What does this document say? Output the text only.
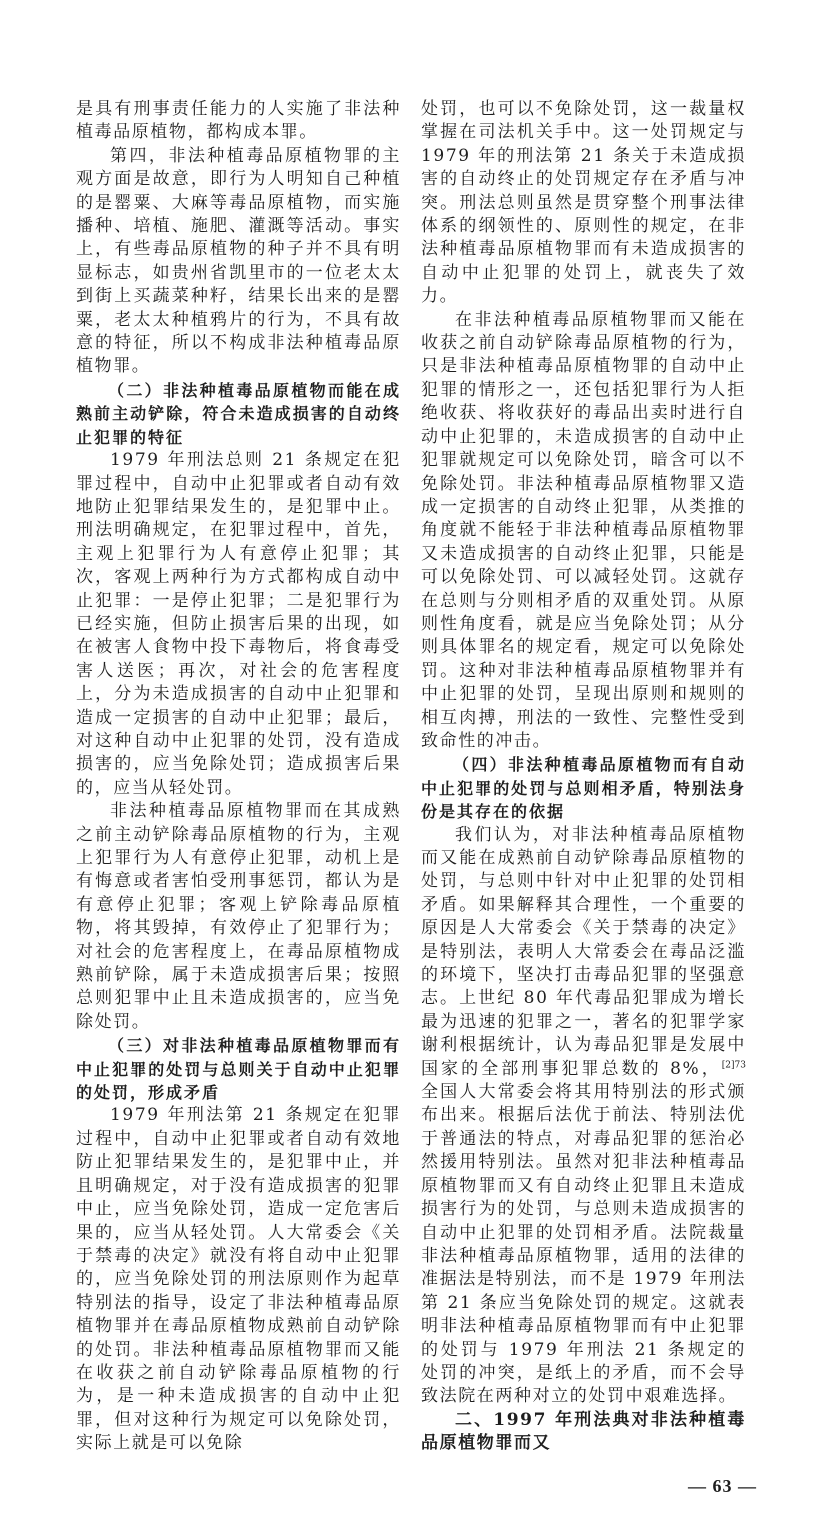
是具有刑事责任能力的人实施了非法种植毒品原植物，都构成本罪。

第四，非法种植毒品原植物罪的主观方面是故意，即行为人明知自己种植的是罂粟、大麻等毒品原植物，而实施播种、培植、施肥、灌溉等活动。事实上，有些毒品原植物的种子并不具有明显标志，如贵州省凯里市的一位老太太到街上买蔬菜种籽，结果长出来的是罂粟，老太太种植鸦片的行为，不具有故意的特征，所以不构成非法种植毒品原植物罪。

（二）非法种植毒品原植物而能在成熟前主动铲除，符合未造成损害的自动终止犯罪的特征

1979 年刑法总则 21 条规定在犯罪过程中，自动中止犯罪或者自动有效地防止犯罪结果发生的，是犯罪中止。刑法明确规定，在犯罪过程中，首先，主观上犯罪行为人有意停止犯罪；其次，客观上两种行为方式都构成自动中止犯罪：一是停止犯罪；二是犯罪行为已经实施，但防止损害后果的出现，如在被害人食物中投下毒物后，将食毒受害人送医；再次，对社会的危害程度上，分为未造成损害的自动中止犯罪和造成一定损害的自动中止犯罪；最后，对这种自动中止犯罪的处罚，没有造成损害的，应当免除处罚；造成损害后果的，应当从轻处罚。

非法种植毒品原植物罪而在其成熟之前主动铲除毒品原植物的行为，主观上犯罪行为人有意停止犯罪，动机上是有悔意或者害怕受刑事惩罚，都认为是有意停止犯罪；客观上铲除毒品原植物，将其毁掉，有效停止了犯罪行为；对社会的危害程度上，在毒品原植物成熟前铲除，属于未造成损害后果；按照总则犯罪中止且未造成损害的，应当免除处罚。

（三）对非法种植毒品原植物罪而有中止犯罪的处罚与总则关于自动中止犯罪的处罚，形成矛盾

1979 年刑法第 21 条规定在犯罪过程中，自动中止犯罪或者自动有效地防止犯罪结果发生的，是犯罪中止，并且明确规定，对于没有造成损害的犯罪中止，应当免除处罚，造成一定危害后果的，应当从轻处罚。人大常委会《关于禁毒的决定》就没有将自动中止犯罪的，应当免除处罚的刑法原则作为起草特别法的指导，设定了非法种植毒品原植物罪并在毒品原植物成熟前自动铲除的处罚。非法种植毒品原植物罪而又能在收获之前自动铲除毒品原植物的行为，是一种未造成损害的自动中止犯罪，但对这种行为规定可以免除处罚，实际上就是可以免除

处罚，也可以不免除处罚，这一裁量权掌握在司法机关手中。这一处罚规定与 1979 年的刑法第 21 条关于未造成损害的自动终止的处罚规定存在矛盾与冲突。刑法总则虽然是贯穿整个刑事法律体系的纲领性的、原则性的规定，在非法种植毒品原植物罪而有未造成损害的自动中止犯罪的处罚上，就丧失了效力。

在非法种植毒品原植物罪而又能在收获之前自动铲除毒品原植物的行为，只是非法种植毒品原植物罪的自动中止犯罪的情形之一，还包括犯罪行为人拒绝收获、将收获好的毒品出卖时进行自动中止犯罪的，未造成损害的自动中止犯罪就规定可以免除处罚，暗含可以不免除处罚。非法种植毒品原植物罪又造成一定损害的自动终止犯罪，从类推的角度就不能轻于非法种植毒品原植物罪又未造成损害的自动终止犯罪，只能是可以免除处罚、可以减轻处罚。这就存在总则与分则相矛盾的双重处罚。从原则性角度看，就是应当免除处罚；从分则具体罪名的规定看，规定可以免除处罚。这种对非法种植毒品原植物罪并有中止犯罪的处罚，呈现出原则和规则的相互肉搏，刑法的一致性、完整性受到致命性的冲击。

（四）非法种植毒品原植物而有自动中止犯罪的处罚与总则相矛盾，特别法身份是其存在的依据

我们认为，对非法种植毒品原植物而又能在成熟前自动铲除毒品原植物的处罚，与总则中针对中止犯罪的处罚相矛盾。如果解释其合理性，一个重要的原因是人大常委会《关于禁毒的决定》是特别法，表明人大常委会在毒品泛滥的环境下，坚决打击毒品犯罪的坚强意志。上世纪 80 年代毒品犯罪成为增长最为迅速的犯罪之一，著名的犯罪学家谢利根据统计，认为毒品犯罪是发展中国家的全部刑事犯罪总数的 8%，$^{[2]73}$ 全国人大常委会将其用特别法的形式颁布出来。根据后法优于前法、特别法优于普通法的特点，对毒品犯罪的惩治必然援用特别法。虽然对犯非法种植毒品原植物罪而又有自动终止犯罪且未造成损害行为的处罚，与总则未造成损害的自动中止犯罪的处罚相矛盾。法院裁量非法种植毒品原植物罪，适用的法律的准据法是特别法，而不是 1979 年刑法第 21 条应当免除处罚的规定。这就表明非法种植毒品原植物罪而有中止犯罪的处罚与 1979 年刑法 21 条规定的处罚的冲突，是纸上的矛盾，而不会导致法院在两种对立的处罚中艰难选择。

二、1997 年刑法典对非法种植毒品原植物罪而又

— 63 —
